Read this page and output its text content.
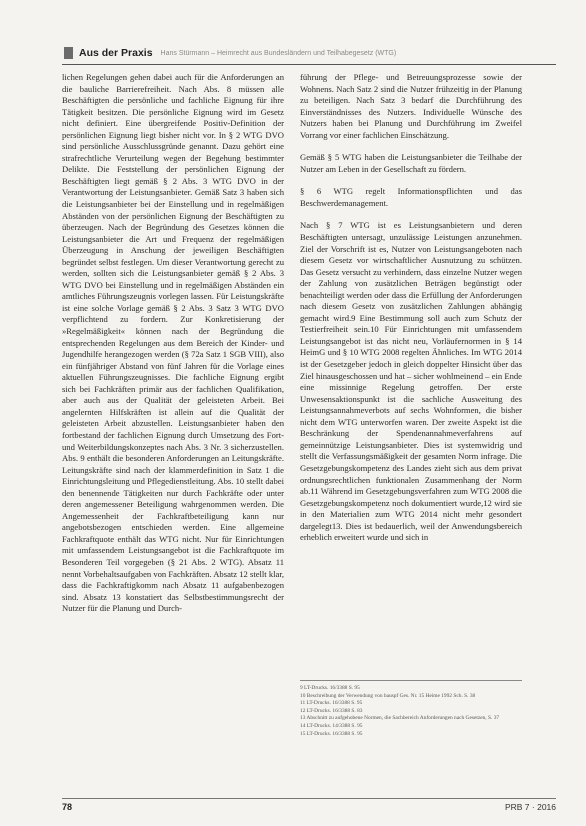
Aus der Praxis Hans Stürmann – Heimrecht aus Bundesländern und Teilhabegesetz (WTG)

lichen Regelungen gehen dabei auch für die Anforderungen an die bauliche Barrierefreiheit. Nach Abs. 8 müssen alle Beschäftigten die persönliche und fachliche Eignung für ihre Tätigkeit besitzen. Die persönliche Eignung wird im Gesetz nicht definiert. Eine übergreifende Positiv-Definition der persönlichen Eignung liegt bisher nicht vor. In § 2 WTG DVO sind persönliche Ausschlussgründe genannt. Dazu gehört eine strafrechtliche Verurteilung wegen der Begehung bestimmter Delikte. Die Feststellung der persönlichen Eignung der Beschäftigten liegt gemäß § 2 Abs. 3 WTG DVO in der Verantwortung der Leistungsanbieter. Gemäß Satz 3 haben sich die Leistungsanbieter bei der Einstellung und in regelmäßigen Abständen von der persönlichen Eignung der Beschäftigten zu überzeugen. Nach der Begründung des Gesetzes können die Leistungsanbieter die Art und Frequenz der regelmäßigen Überzeugung in Anschung der jeweiligen Beschäftigten begründet selbst festlegen. Um dieser Verantwortung gerecht zu werden, sollten sich die Leistungsanbieter gemäß § 2 Abs. 3 WTG DVO bei Einstellung und in regelmäßigen Abständen ein amtliches Führungszeugnis vorlegen lassen. Für Leistungskräfte ist eine solche Vorlage gemäß § 2 Abs. 3 Satz 3 WTG DVO verpflichtend zu fordern. Zur Konkretisierung der »Regelmäßigkeit« können nach der Begründung die entsprechenden Regelungen aus dem Bereich der Kinder- und Jugendhilfe herangezogen werden (§ 72a Satz 1 SGB VIII), also ein fünfjähriger Abstand von fünf Jahren für die Vorlage eines aktuellen Führungszeugnisses. Die fachliche Eignung ergibt sich bei Fachkräften primär aus der fachlichen Qualifikation, aber auch aus der Qualität der geleisteten Arbeit. Bei angelernten Hilfskräften ist allein auf die Qualität der geleisteten Arbeit abzustellen. Leistungsanbieter haben den fortbestand der fachlichen Eignung durch Umsetzung des Fort- und Weiterbildungskonzeptes nach Abs. 3 Nr. 3 sicherzustellen. Abs. 9 enthält die besonderen Anforderungen an Leitungskräfte. Leitungskräfte sind nach der klammerdefinition in Satz 1 die Einrichtungsleitung und Pflegedienstleitung. Abs. 10 stellt dabei den benennende Tätigkeiten nur durch Fachkräfte oder unter deren angemessener Beteiligung wahrgenommen werden. Die Angemessenheit der Fachkraftbeteiligung kann nur angebotsbezogen entschieden werden. Eine allgemeine Fachkraftquote enthält das WTG nicht. Nur für Einrichtungen mit umfassendem Leistungsangebot ist die Fachkraftquote im Besonderen Teil vorgegeben (§ 21 Abs. 2 WTG). Absatz 11 nennt Vorbehaltsaufgaben von Fachkräften. Absatz 12 stellt klar, dass die Fachkraftigkomm nach Absatz 11 aufgabenbezogen sind. Absatz 13 konstatiert das Selbstbestimmungsrecht der Nutzer für die Planung und Durch-

führung der Pflege- und Betreuungsprozesse sowie der Wohnens. Nach Satz 2 sind die Nutzer frühzeitig in der Planung zu beteiligen. Nach Satz 3 bedarf die Durchführung des Einverständnisses des Nutzers. Individuelle Wünsche des Nutzers haben bei Planung und Durchführung im Zweifel Vorrang vor einer fachlichen Einschätzung.

Gemäß § 5 WTG haben die Leistungsanbieter die Teilhabe der Nutzer am Leben in der Gesellschaft zu fördern.

§ 6 WTG regelt Informationspflichten und das Beschwerdemanagement.

Nach § 7 WTG ist es Leistungsanbietern und deren Beschäftigten untersagt, unzulässige Leistungen anzunehmen. Ziel der Vorschrift ist es, Nutzer von Leistungsangeboten nach diesem Gesetz vor wirtschaftlicher Ausnutzung zu schützen. Das Gesetz versucht zu verhindern, dass einzelne Nutzer wegen der Zahlung von zusätzlichen Beträgen begünstigt oder benachteiligt werden oder dass die Erfüllung der Anforderungen nach diesem Gesetz von zusätzlichen Zahlungen abhängig gemacht wird.9 Eine Bestimmung soll auch zum Schutz der Testierfreiheit sein.10 Für Einrichtungen mit umfassendem Leistungsangebot ist das nicht neu, Vorläufernormen in § 14 HeimG und § 10 WTG 2008 regelten Ähnliches. Im WTG 2014 ist der Gesetzgeber jedoch in gleich doppelter Hinsicht über das Ziel hinausgeschossen und hat – sicher wohlmeinend – ein Ende eine missinnige Regelung getroffen. Der erste Unwesensaktionspunkt ist die sachliche Ausweitung des Leistungsannahmeverbots auf sechs Wohnformen, die bisher nicht dem WTG unterworfen waren. Der zweite Aspekt ist die Beschränkung der Spendenannahmeverfahrens auf gemeinnützige Leistungsanbieter. Dies ist systemwidrig und stellt die Verfassungsmäßigkeit der gesamten Norm infrage. Die Gesetzgebungskompetenz des Landes zieht sich aus dem privat ordnungsrechtlichen funktionalen Zusammenhang der Norm ab.11 Während im Gesetzgebungsverfahren zum WTG 2008 die Gesetzgebungskompetenz noch dokumentiert wurde,12 wird sie in den Materialien zum WTG 2014 nicht mehr gesondert dargelegt13. Dies ist bedauerlich, weil der Anwendungsbereich erheblich erweitert wurde und sich in

9 LT-Drucks. 16/3388 S. 95
10 Beschreibung der Verwendung von bauspf Ges. Nr. 15 Heime 1992 Sch. S. 38
11 LT-Drucks. 16/3388 S. 95
12 LT-Drucks. 16/3388 S. 83
13 Abschnitt zu aufgehobene Normen, die Sachbereich Anforderungen nach Gesetzen, S. 37
14 LT-Drucks. 14/3388 S. 95
15 LT-Drucks. 16/3388 S. 95
78	PRB 7 · 2016
